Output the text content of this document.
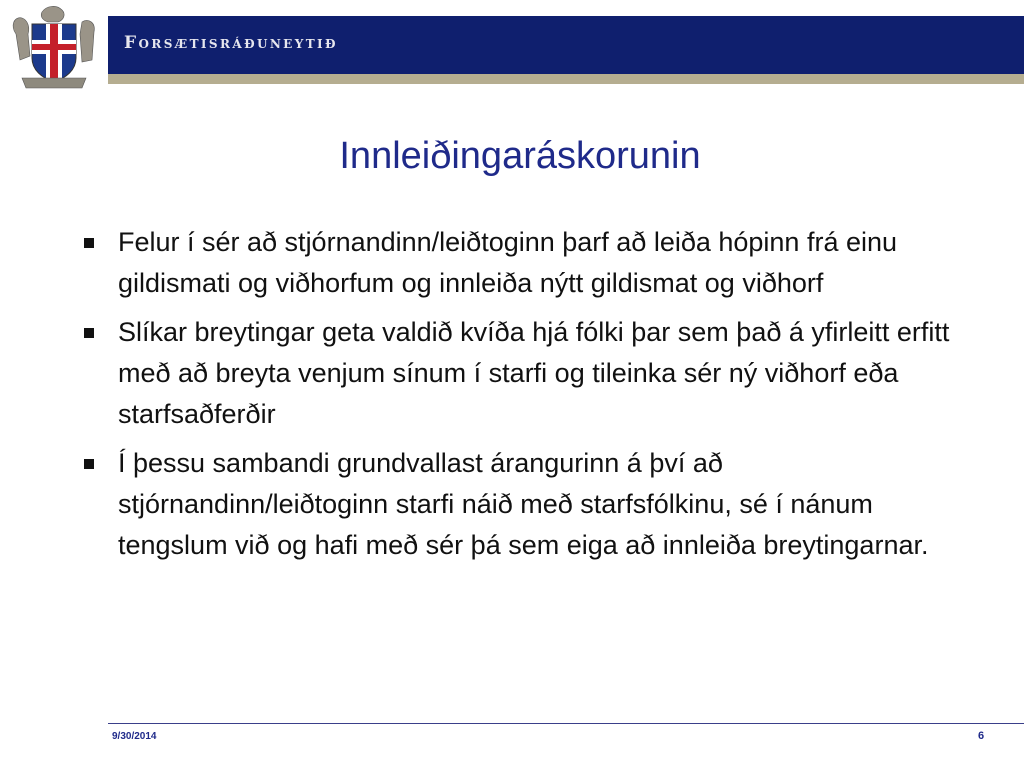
Forsætisráðuneytið
Innleiðingaráskorunin
Felur í sér að stjórnandinn/leiðtoginn þarf að leiða hópinn frá einu gildismati og viðhorfum og innleiða nýtt gildismat og viðhorf
Slíkar breytingar geta valdið kvíða hjá fólki þar sem það á yfirleitt erfitt með að breyta venjum sínum í starfi og tileinka sér ný viðhorf eða starfsaðferðir
Í þessu sambandi grundvallast árangurinn á því að stjórnandinn/leiðtoginn starfi náið með starfsfólkinu, sé í nánum tengslum við og hafi með sér þá sem eiga að innleiða breytingarnar.
9/30/2014	6
